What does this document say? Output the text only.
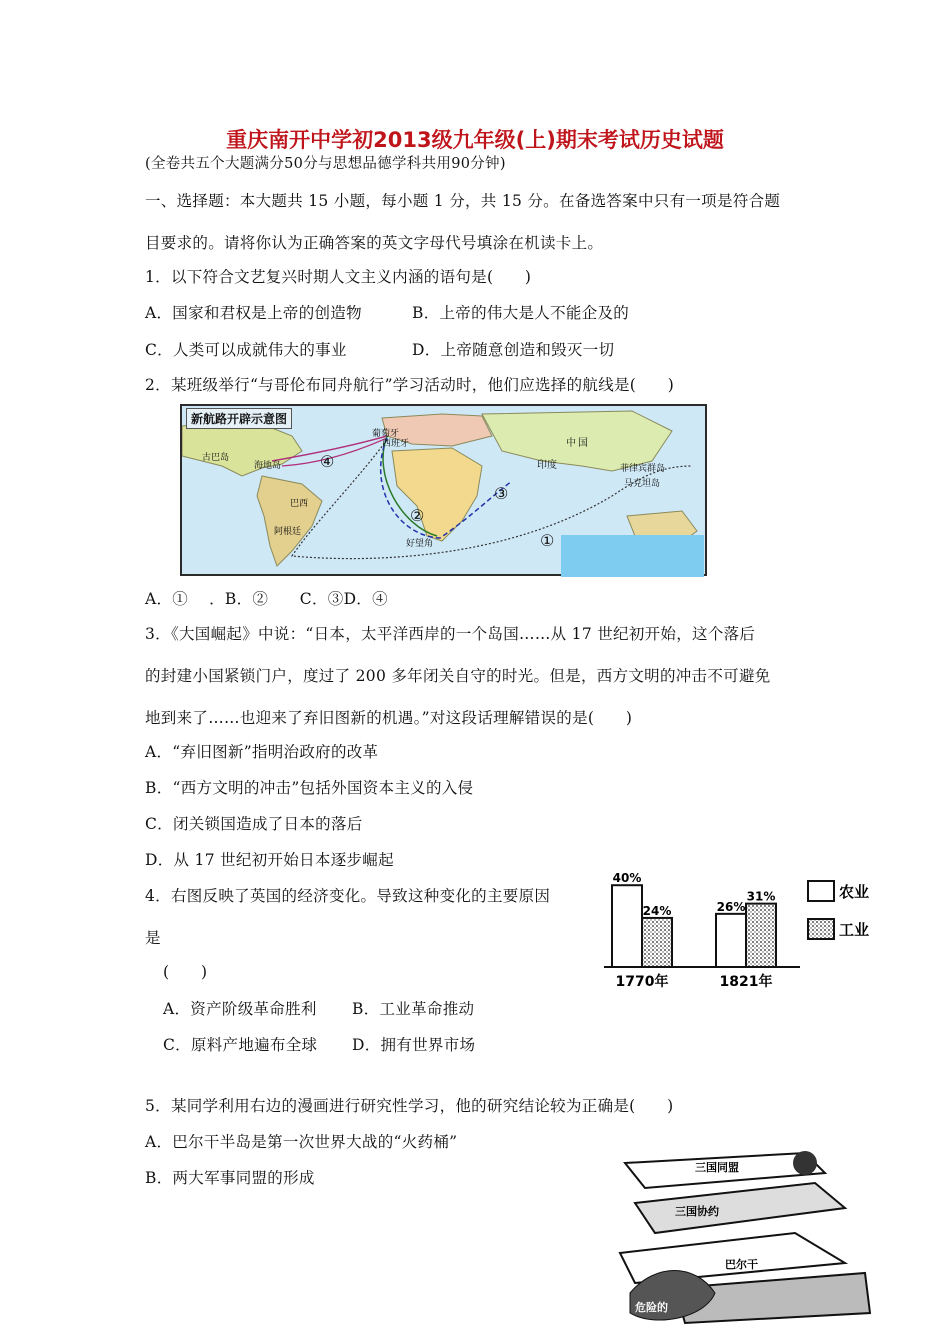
重庆南开中学初2013级九年级(上)期末考试历史试题
(全卷共五个大题满分50分与思想品德学科共用90分钟)
一、选择题：本大题共 15 小题，每小题 1 分，共 15 分。在备选答案中只有一项是符合题
目要求的。请将你认为正确答案的英文字母代号填涂在机读卡上。
1．以下符合文艺复兴时期人文主义内涵的语句是(　　)
A．国家和君权是上帝的创造物	B．上帝的伟大是人不能企及的
C．人类可以成就伟大的事业	D．上帝随意创造和毁灭一切
2．某班级举行“与哥伦布同舟航行”学习活动时，他们应选择的航线是(　　)
新航路开辟示意图
古巴岛
海地岛
葡萄牙
西班牙	中 国
印度	菲律宾群岛
马克坦岛
巴西
阿根廷
好望角
④
③
②
①
A．①　 ．B．②　　C．③D．④
3．《大国崛起》中说：“日本，太平洋西岸的一个岛国……从 17 世纪初开始，这个落后
的封建小国紧锁门户，度过了 200 多年闭关自守的时光。但是，西方文明的冲击不可避免
地到来了……也迎来了弃旧图新的机遇。”对这段话理解错误的是(　　)
A．“弃旧图新”指明治政府的改革
B．“西方文明的冲击”包括外国资本主义的入侵
C．闭关锁国造成了日本的落后
D．从 17 世纪初开始日本逐步崛起
4．右图反映了英国的经济变化。导致这种变化的主要原因
是
(　　)
A．资产阶级革命胜利 B．工业革命推动
C．原料产地遍布全球 D．拥有世界市场
40%
24%
1770年
26%
31%
1821年
农业
工业
5．某同学利用右边的漫画进行研究性学习，他的研究结论较为正确是(　　)
A．巴尔干半岛是第一次世界大战的“火药桶”
B．两大军事同盟的形成
三国同盟
三国协约
危险的
巴尔干
